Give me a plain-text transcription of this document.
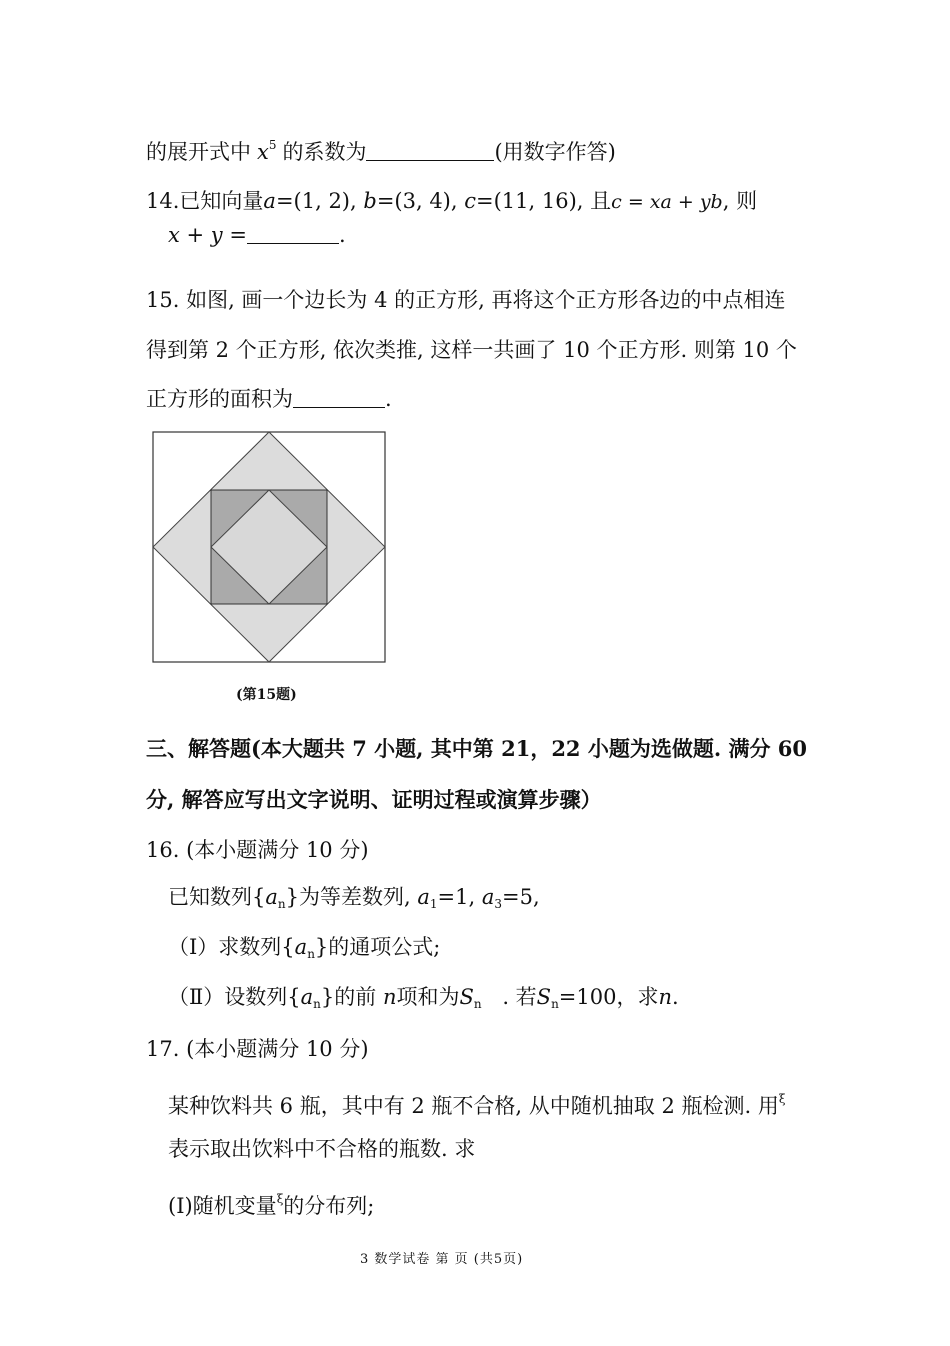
的展开式中 $x^5$ 的系数为	(用数字作答)
14.已知向量a=(1, 2), b=(3, 4), c=(11, 16), 且c = xa + yb, 则
x + y =	.
15. 如图, 画一个边长为 4 的正方形, 再将这个正方形各边的中点相连
得到第 2 个正方形, 依次类推, 这样一共画了 10 个正方形. 则第 10 个
正方形的面积为	.
(第15题)
三、解答题(本大题共 7 小题, 其中第 21，22 小题为选做题. 满分 60
分, 解答应写出文字说明、证明过程或演算步骤）
16. (本小题满分 10 分)
已知数列$\{a_n\}$为等差数列, $a_1=1$, $a_3=5$,
（Ⅰ）求数列$\{a_n\}$的通项公式;
（Ⅱ）设数列$\{a_n\}$的前 n项和为$S_n$ . 若$S_n=100$，求n.
17. (本小题满分 10 分)
某种饮料共 6 瓶，其中有 2 瓶不合格, 从中随机抽取 2 瓶检测. 用$^\xi$
表示取出饮料中不合格的瓶数. 求
(Ⅰ)随机变量$^\xi$的分布列;
3 数学试卷 第 页 (共5页)
